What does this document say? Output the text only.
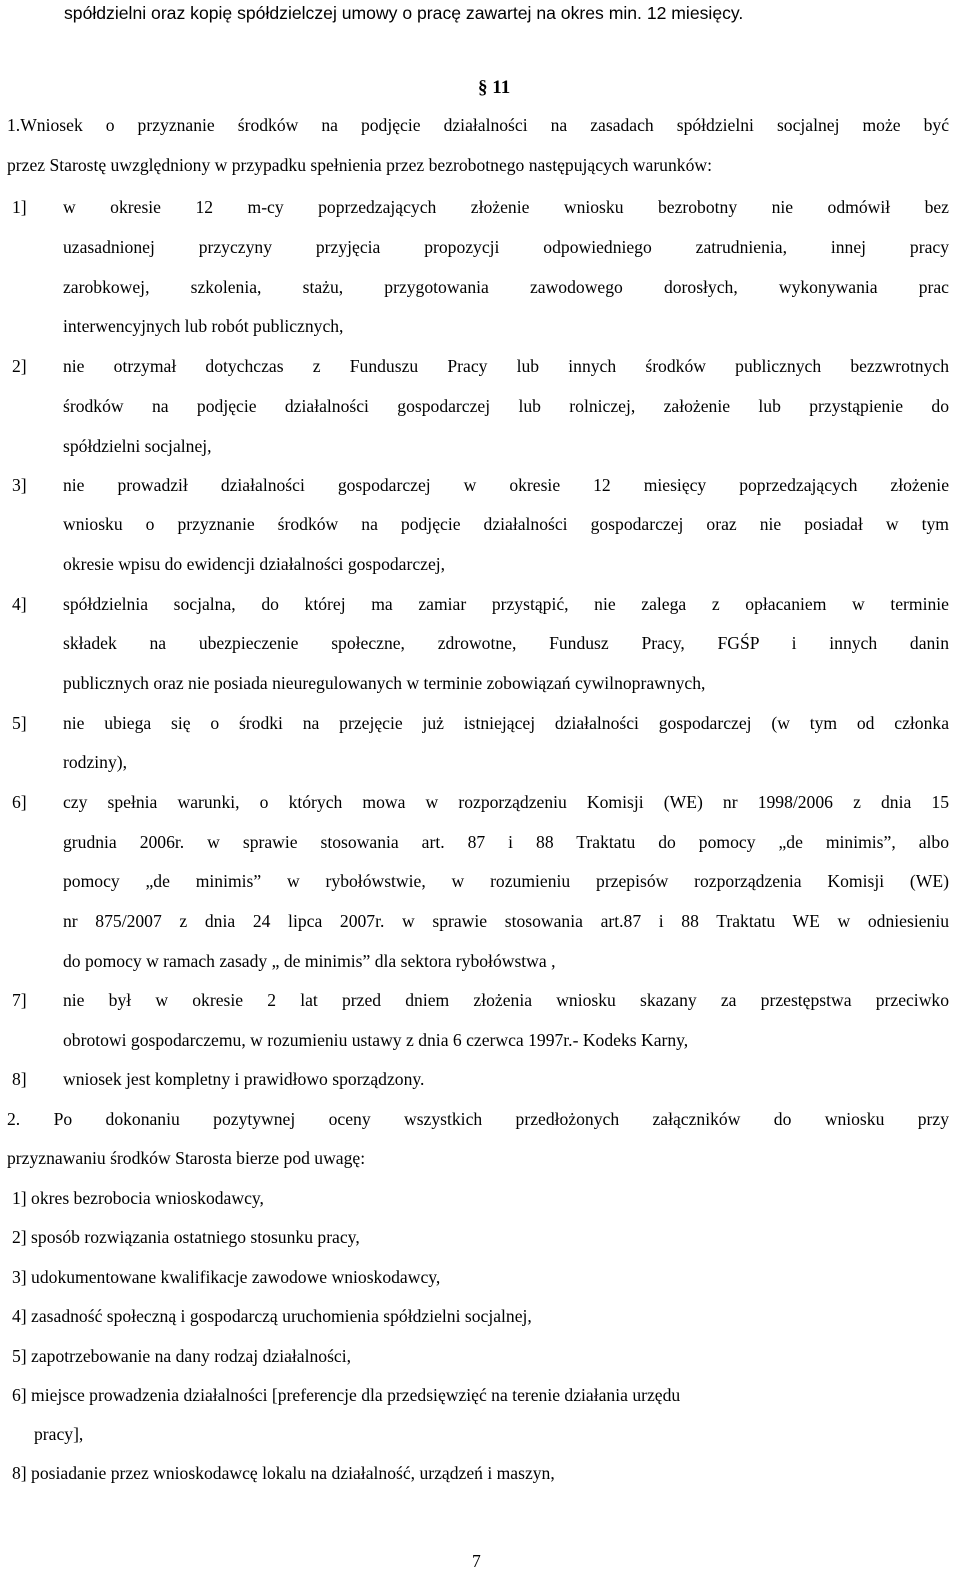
spółdzielni oraz kopię spółdzielczej umowy o pracę zawartej na okres min. 12 miesięcy.
§ 11
1.Wniosek o przyznanie środków na podjęcie działalności na zasadach spółdzielni socjalnej może być
przez Starostę uwzględniony w przypadku spełnienia przez bezrobotnego następujących warunków:
1] w okresie 12 m-cy poprzedzających złożenie wniosku bezrobotny nie odmówił bez
uzasadnionej przyczyny przyjęcia propozycji odpowiedniego zatrudnienia, innej pracy
zarobkowej, szkolenia, stażu, przygotowania zawodowego dorosłych, wykonywania prac
interwencyjnych lub robót publicznych,
2] nie otrzymał dotychczas z Funduszu Pracy lub innych środków publicznych bezzwrotnych
środków na podjęcie działalności gospodarczej lub rolniczej, założenie lub przystąpienie do
spółdzielni socjalnej,
3] nie prowadził działalności gospodarczej w okresie 12 miesięcy poprzedzających złożenie
wniosku o przyznanie środków na podjęcie działalności gospodarczej oraz nie posiadał w tym
okresie wpisu do ewidencji działalności gospodarczej,
4] spółdzielnia socjalna, do której ma zamiar przystąpić, nie zalega z opłacaniem w terminie
składek na ubezpieczenie społeczne, zdrowotne, Fundusz Pracy, FGŚP i innych danin
publicznych oraz nie posiada nieuregulowanych w terminie zobowiązań cywilnoprawnych,
5] nie ubiega się o środki na przejęcie już istniejącej działalności gospodarczej (w tym od członka
rodziny),
6] czy spełnia warunki, o których mowa w rozporządzeniu Komisji (WE) nr 1998/2006 z dnia 15
grudnia 2006r. w sprawie stosowania art. 87 i 88 Traktatu do pomocy „de minimis”, albo
pomocy „de minimis” w rybołówstwie, w rozumieniu przepisów rozporządzenia Komisji (WE)
nr 875/2007 z dnia 24 lipca 2007r. w sprawie stosowania art.87 i 88 Traktatu WE w odniesieniu
do pomocy w ramach zasady „ de minimis” dla sektora rybołówstwa ,
7] nie był w okresie 2 lat przed dniem złożenia wniosku skazany za przestępstwa przeciwko
obrotowi gospodarczemu, w rozumieniu ustawy z dnia 6 czerwca 1997r.- Kodeks Karny,
8] wniosek jest kompletny i prawidłowo sporządzony.
2. Po dokonaniu pozytywnej oceny wszystkich przedłożonych załączników do wniosku przy
przyznawaniu środków Starosta bierze pod uwagę:
1] okres bezrobocia wnioskodawcy,
2] sposób rozwiązania ostatniego stosunku pracy,
3] udokumentowane kwalifikacje zawodowe wnioskodawcy,
4] zasadność społeczną i gospodarczą uruchomienia spółdzielni socjalnej,
5] zapotrzebowanie na dany rodzaj działalności,
6] miejsce prowadzenia działalności [preferencje dla przedsięwzięć na terenie działania urzędu
pracy],
8] posiadanie przez wnioskodawcę lokalu na działalność, urządzeń i maszyn,
7
